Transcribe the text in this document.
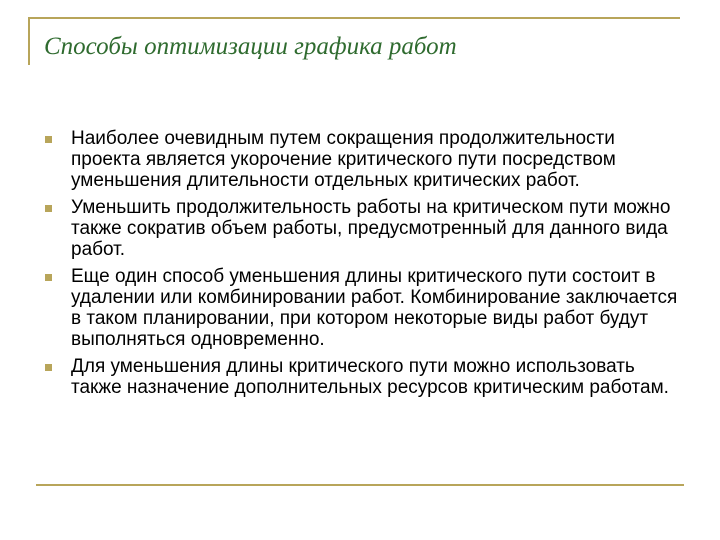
Способы оптимизации графика работ
Наиболее очевидным путем сокращения продолжительности проекта является укорочение критического пути посредством уменьшения длительности отдельных критических работ.
Уменьшить продолжительность работы на критическом пути можно также сократив объем работы, предусмотренный для данного вида работ.
Еще один способ уменьшения длины критического пути состоит в удалении или комбинировании работ. Комбинирование заключается в таком планировании, при котором некоторые виды работ будут выполняться одновременно.
Для уменьшения длины критического пути можно использовать также назначение дополнительных ресурсов критическим работам.
